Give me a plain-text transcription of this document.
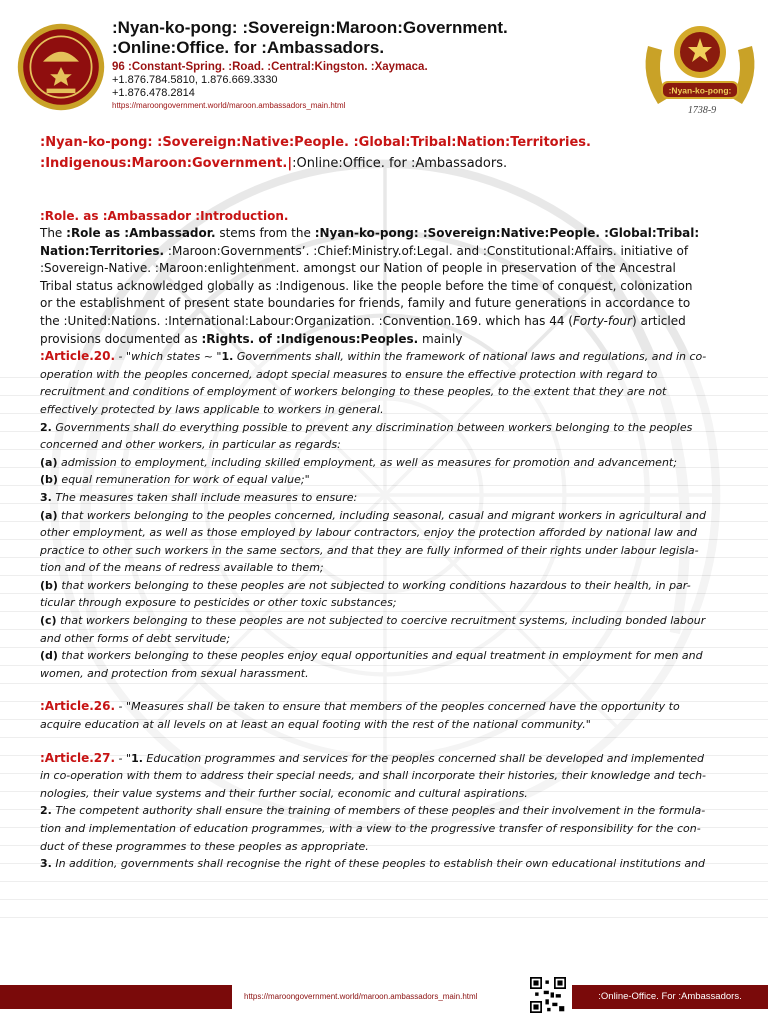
:Nyan-ko-pong: :Sovereign:Maroon:Government.
:Online:Office. for :Ambassadors.
96 :Constant-Spring. :Road. :Central:Kingston. :Xaymaca.
+1.876.784.5810, 1.876.669.3330
+1.876.478.2814
https://maroongovernment.world/maroon.ambassadors_main.html
:Nyan-ko-pong:
1738-9
:Nyan-ko-pong: :Sovereign:Native:People. :Global:Tribal:Nation:Territories.
:Indigenous:Maroon:Government.|:Online:Office. for :Ambassadors.
:Role. as :Ambassador :Introduction.
The :Role as :Ambassador. stems from the :Nyan-ko-pong: :Sovereign:Native:People. :Global:Tribal: Nation:Territories. :Maroon:Governments’. :Chief:Ministry.of:Legal. and :Constitutional:Affairs. initiative of :Sovereign-Native. :Maroon:enlightenment. amongst our Nation of people in preservation of the Ancestral Tribal status acknowledged globally as :Indigenous. like the people before the time of conquest, colonization or the establishment of present state boundaries for friends, family and future generations in accordance to the :United:Nations. :International:Labour:Organization. :Convention.169. which has 44 (Forty-four) articled provisions documented as :Rights. of :Indigenous:Peoples. mainly
:Article.20. - "which states ~ "1. Governments shall, within the framework of national laws and regulations, and in co-operation with the peoples concerned, adopt special measures to ensure the effective protection with regard to recruitment and conditions of employment of workers belonging to these peoples, to the extent that they are not effectively protected by laws applicable to workers in general.
2. Governments shall do everything possible to prevent any discrimination between workers belonging to the peoples concerned and other workers, in particular as regards:
(a) admission to employment, including skilled employment, as well as measures for promotion and advancement;
(b) equal remuneration for work of equal value;"
3. The measures taken shall include measures to ensure:
(a) that workers belonging to the peoples concerned, including seasonal, casual and migrant workers in agricultural and other employment, as well as those employed by labour contractors, enjoy the protection afforded by national law and practice to other such workers in the same sectors, and that they are fully informed of their rights under labour legisla-tion and of the means of redress available to them;
(b) that workers belonging to these peoples are not subjected to working conditions hazardous to their health, in par-ticular through exposure to pesticides or other toxic substances;
(c) that workers belonging to these peoples are not subjected to coercive recruitment systems, including bonded labour and other forms of debt servitude;
(d) that workers belonging to these peoples enjoy equal opportunities and equal treatment in employment for men and women, and protection from sexual harassment.
:Article.26. - "Measures shall be taken to ensure that members of the peoples concerned have the opportunity to acquire education at all levels on at least an equal footing with the rest of the national community."
:Article.27. - "1. Education programmes and services for the peoples concerned shall be developed and implemented in co-operation with them to address their special needs, and shall incorporate their histories, their knowledge and tech-nologies, their value systems and their further social, economic and cultural aspirations.
2. The competent authority shall ensure the training of members of these peoples and their involvement in the formula-tion and implementation of education programmes, with a view to the progressive transfer of responsibility for the con-duct of these programmes to these peoples as appropriate.
3. In addition, governments shall recognise the right of these peoples to establish their own educational institutions and
https://maroongovernment.world/maroon.ambassadors_main.html	:Online-Office. For :Ambassadors.
